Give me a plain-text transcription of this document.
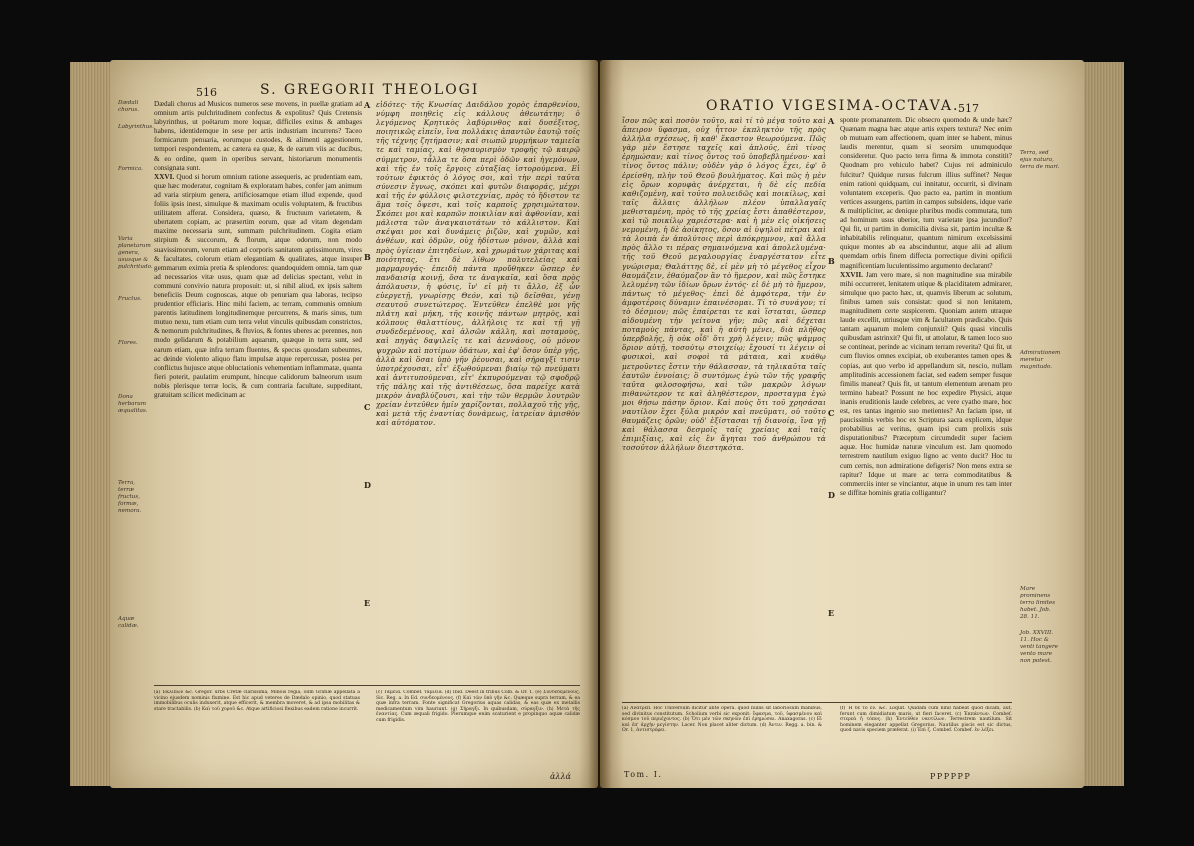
516	S. GREGORII THEOLOGI
Dædali chorus.
Labyrinthus.
Formica.
Varia planetarum genera, ususque & pulchritudo.
Fructus.
Flores.
Dona herbarum æqualitas.
Terra, terræ fructus, formæ, nemora.
Aquæ calidæ.

Dædali chorus ad Musicos numeros sese movens, in puellæ gratiam ad omnium artis pulchritudinem confectus & expolitus? Quis Cretensis labyrinthus, ut poëtarum more loquar, difficiles exitus & ambages habens, identidemque in sese per artis industriam incurrens? Taceo formicarum penuaria, eorumque custodes, & alimenti aggestionem, tempori respondentem, ac cætera ea quæ, & de earum viis ac ducibus, & eo ordine, quem in operibus servant, historiarum monumentis consignata sunt.

XXVI. Quod si horum omnium ratione assequeris, ac prudentiam eam, quæ hæc moderatur, cognitam & exploratam habes, confer jam animum ad varia stirpium genera, artificiosamque etiam illud expende, quod foliis ipsis inest, simulque & maximam oculis voluptatem, & fructibus utilitatem afferat. Considera, quæso, & fructuum varietatem, & ubertatem copiam, ac præsertim eorum, quæ ad vitam degendam maxime necessaria sunt, summam pulchritudinem. Cogita etiam stirpium & succorum, & florum, atque odorum, non modo suavissimorum, verum etiam ad corporis sanitatem aptissimorum, vires & facultates, colorum etiam elegantiam & qualitates, atque insuper gemmarum eximia pretia & splendores: quandoquidem omnia, tam quæ ad necessarios vitæ usus, quam quæ ad delicias spectant, velut in communi convivio natura proposuit: ut, si nihil aliud, ex ipsis saltem beneficiis Deum cognoscas, atque ob penuriam qua laboras, tecipso prudentior efficiaris. Hinc mihi faciem, ac terram, communis omnium parentis latitudinem longitudinemque percurrens, & maris sinus, tum mutuo nexu, tum etiam cum terra velut vinculis quibusdam constrictos, & nemorum pulchritudines, & fluvios, & fontes uberes ac perennes, non modo gelidarum & potabilium aquarum, quæque in terra sunt, sed earum etiam, quæ infra terram fluentes, & specus quosdam subeuntes, ac deinde violento aliquo flatu impulsæ atque repercussæ, postea per conflictus hujusce atque obluctationis vehementiam inflammatæ, quanta fieri poterit, paulatim erumpunt, hincque calidorum balneorum usum nobis plerisque terræ locis, & cum contraria facultate, suppeditant, gratuitam scilicet medicinam ac

A
B
C
D
E
εἰδότες· τῆς Κνωσίας Δαιδάλου χορὸς ἐπαρθενίου, νύμφη ποιηθεὶς εἰς κάλλους ἀθεωτάτην; ὁ λεγόμενος Κρητικὸς λαβύρινθος καὶ δυσέξιτος, ποιητικῶς εἰπεῖν, ἵνα πολλάκις ἀπαντῶν ἑαυτῷ τοῖς τῆς τέχνης ζητήμασιν; καὶ σιωπῶ μυρμήκων ταμιεῖα τε καὶ ταμίας, καὶ θησαυρισμὸν τροφῆς τῷ καιρῷ σύμμετρον, τἆλλα τε ὅσα περὶ ὁδῶν καὶ ἡγεμόνων, καὶ τῆς ἐν τοῖς ἔργοις εὐταξίας ἱστορούμενα. Εἰ τούτων ἐφικτὸς ὁ λόγος σοι, καὶ τὴν περὶ ταῦτα σύνεσιν ἔγνως, σκόπει καὶ φυτῶν διαφοράς, μέχρι καὶ τῆς ἐν φύλλοις φιλοτεχνίας, πρὸς τὸ ἥδιστον τε ἅμα τοῖς ὄψεσι, καὶ τοῖς καρποῖς χρησιμώτατον. Σκόπει μοι καὶ καρπῶν ποικιλίαν καὶ ἀφθονίαν, καὶ μάλιστα τῶν ἀναγκαιοτάτων τὸ κάλλιστον. Καὶ σκέψαι μοι καὶ δυνάμεις ῥιζῶν, καὶ χυμῶν, καὶ ἀνθέων, καὶ ὀδμῶν, οὐχ ἡδίστων μόνον, ἀλλὰ καὶ πρὸς ὑγίειαν ἐπιτηδείων, καὶ χρωμάτων χάριτας καὶ ποιότητας, ἔτι δὲ λίθων πολυτελείας καὶ μαρμαρυγάς· ἐπειδὴ πάντα προὔθηκεν ὥσπερ ἐν πανδαισίᾳ κοινῇ, ὅσα τε ἀναγκαῖα, καὶ ὅσα πρὸς ἀπόλαυσιν, ἡ φύσις, ἵν' εἰ μὴ τι ἄλλο, ἐξ ὧν εὐεργετῇ, γνωρίσῃς Θεόν, καὶ τῷ δεῖσθαι, γένῃ σεαυτοῦ συνετώτερος. Ἐντεῦθεν ἐπελθὲ μοι γῆς πλάτη καὶ μήκη, τῆς κοινῆς πάντων μητρὸς, καὶ κόλπους θαλαττίους, ἀλλήλοις τε καὶ τῇ γῇ συνδεδεμένους, καὶ ἀλσῶν κάλλη, καὶ ποταμοὺς, καὶ πηγὰς δαψιλεῖς τε καὶ ἀεννάους, οὐ μόνον ψυχρῶν καὶ ποτίμων ὑδάτων, καὶ ἐφ' ὅσον ὑπὲρ γῆς, ἀλλὰ καὶ ὅσαι ὑπὸ γῆν ῥέουσαι, καὶ σήραγξί τισιν ὑποτρέχουσαι, εἶτ' ἐξωθούμεναι βιαίῳ τῷ πνεύματι καὶ ἀντιτυπούμεναι, εἶτ' ἐκπυρούμεναι τῷ σφοδρῷ τῆς πάλης καὶ τῆς ἀντιθέσεως, ὅσα παρεῖχε κατὰ μικρὸν ἀναβλύζουσι, καὶ τὴν τῶν θερμῶν λουτρῶν χρείαν ἐντεῦθεν ἡμῖν χαρίζονται, πολλαχοῦ τῆς γῆς, καὶ μετὰ τῆς ἐναντίας δυνάμεως, ἰατρείαν ἀμισθὸν καὶ αὐτόματον.
(a) Ἐκλιπὼν &c. Gregor. urbs Cretæ clarissima, Minois regia, olim Gratiæ appellata a vicino ejusdem nominis flumine. Est hic apud veteres de Dædalo opinio, quod statuas immobilibus oculis induxerit, atque efficerit, & membra moveret, & ad ipsa mobilitas & stare tractabilis. (b) Καὶ τοῦ χοροῦ &c. Atque artificiosi flexibus eadem ratione incurrit.
(c) Ταμεῖα. Combef. ταμιεῖα. (d) Ibid. Deest in tribus Colb. & Or. 1. (e) Συνδεδεμένους. Sic. Reg. a. In Ed. συνδεομένους. (f) Καὶ τῶν ὑπὸ γῆν &c. Quæque supra terram, & ea quæ infra terram. Fonte significat Gregorius aquas calidas, & eas quæ ex metallis medicamentum vim hauriunt. (g) Σήραγξι. In quibusdam, σύραγξιν. (h) Μετὰ τῆς ἐναντίας. Cum æquali frigido. Plerumque enim scaturient e propinquo aquæ calidæ cum frigidis.
ἀλλά
ORATIO VIGESIMA-OCTAVA.
517
ἴσον πῶς καὶ ποσὸν τοῦτο, καὶ τί τὸ μέγα τοῦτο καὶ ἄπειρον ὕφασμα, οὐχ ἧττον ἐκπληκτὸν τῆς πρὸς ἀλλήλα σχέσεως, ἢ καθ' ἕκαστον θεωρούμενα. Πῶς γὰρ μὲν ἔστησε ταχεῖς καὶ ἀπλοῦς, ἐπὶ τίνος ἐρημώσαν; καὶ τίνος ὄντος τοῦ ὑποβεβλημένου· καὶ τίνος ὄντος πάλιν; οὐδὲν γὰρ ὁ λόγος ἔχει, ἐφ' ὃ ἐρείσθη, πλὴν τοῦ Θεοῦ βουλήματος. Καὶ πῶς ἡ μὲν εἰς ὄρων κορυφὰς ἀνέρχεται, ἡ δὲ εἰς πεδία καθιζομένη, καὶ τοῦτο πολυειδῶς καὶ ποικίλως, καὶ ταῖς ἄλλαις ἀλλήλων πλέον ὑπαλλαγαῖς μεθισταμένη, πρὸς τὸ τῆς χρείας ἔστι ἀπαθέστερον, καὶ τῷ ποικίλῳ χαριέστερα· καὶ ἡ μὲν εἰς οἰκήσεις νεμομένη, ἡ δὲ ἀοίκητος, ὅσον αἱ ὑψηλοὶ πέτραι καὶ τὰ λοιπὰ ἐν ἀπολύτοις περὶ ἀπόκρημνον, καὶ ἄλλα πρὸς ἄλλο τι πέρας σημαινόμενα καὶ ἀπολελυμένα· τῆς τοῦ Θεοῦ μεγαλουργίας ἐναργέστατον εἶτε γνώρισμα; Θαλάττης δὲ, εἰ μὲν μὴ τὸ μέγεθος εἶχον θαυμάζειν, ἐθαύμαζον ἂν τὸ ἥμερον, καὶ πῶς ἔστηκε λελυμένη τῶν ἰδίων ὅρων ἐντός· εἰ δὲ μὴ τὸ ἥμερον, πάντως τὸ μέγεθος· ἐπεὶ δὲ ἀμφότερα, τὴν ἐν ἀμφοτέροις δύναμιν ἐπαινέσομαι. Τί τὸ συνάγον; τί τὸ δέσμιον; πῶς ἐπαίρεται τε καὶ ἵσταται, ὥσπερ αἰδουμένη τὴν γείτονα γῆν; πῶς καὶ δέχεται ποταμοὺς πάντας, καὶ ἡ αὐτὴ μένει, διὰ πλῆθος ὑπερβολῆς, ἢ οὐκ οἶδ' ὅτι χρὴ λέγειν; πῶς ψάμμος ὅριον αὐτῇ, τοσούτῳ στοιχείῳ; ἔχουσί τι λέγειν οἱ φυσικοὶ, καὶ σοφοὶ τὰ μάταια, καὶ κυάθῳ μετροῦντες ἔστιν τὴν θάλασσαν, τὰ τηλικαῦτα ταῖς ἑαυτῶν ἐννοίαις; ὃ συντόμως ἐγὼ τῶν τῆς γραφῆς ταῦτα φιλοσοφήσω, καὶ τῶν μακρῶν λόγων πιθανώτερον τε καὶ ἀληθέστερον, προσταγμα ἐγώ μοι θήσω πάσην ὅριον. Καὶ ποὺς ὅτι τοῦ χρησάσαι ναυτίλον ἔχει ξύλα μικρὸν καὶ πνεῦματι, οὐ τοῦτο θαυμάζεις ὁρῶν; οὐδ' ἐξίστασαι τῇ διανοίᾳ, ἵνα γῇ καὶ θάλασσα δεσμοῖς ταῖς χρείαις καὶ ταῖς ἐπιμιξίαις, καὶ εἰς ἓν ἄγηται τοῦ ἀνθρώπου τὰ τοσοῦτον ἀλλήλων διεστηκότα.
A
B
C
D
E

sponte promanantem. Dic obsecro quomodo & unde hæc? Quænam magna hæc atque artis expers textura? Nec enim ob mutuam eam affectionem, quam inter se habent, minus laudis merentur, quam si seorsim unumquodque consideretur. Quo pacto terra firma & immota constitit? Quodnam pro vehiculo habet? Cujus rei adminiculo fulcitur? Quidque rursus fulcrum illius suffinet? Neque enim rationi quidquam, cui innitatur, occurrit, si divinam voluntatem exceperis. Quo pacto ea, partim in montium vertices assurgens, partim in campos subsidens, idque varie & multipliciter, ac denique pluribus modis commutata, tum ad hominum usus uberior, tum varietate ipsa jucundior? Qui fit, ut partim in domicilia divisa sit, partim incultæ & inhabitabilis relinquatur, quantum nimirum excelsissimi quique montes ab ea abscinduntur, atque alii ad alium quemdam orbis finem diffecta porrectique divini opificii magnificentiam luculentissimo argumento declarant?

XXVII. Jam vero mare, si non magnitudine sua mirabile mihi occurreret, lenitatem utique & placiditatem admirarer, simulque quo pacto hæc, ut, quamvis liberum ac solutum, finibus tamen suis consistat: quod si non lenitatem, magnitudinem certe suspicerem. Quoniam autem utraque laude excellit, utriusque vim & facultatem prædicabo. Quis tantam aquarum molem conjunxit? Quis quasi vinculis quibusdam astrinxit? Qui fit, ut attolatur, & tamen loco suo se contineat, perinde ac vicinam terram reverita? Qui fit, ut cum fluvios omnes excipiat, ob exuberantes tamen opes & copias, aut quo verbo id appellandum sit, nescio, nullam amplitudinis accessionem faciat, sed eadem semper fusque fimilis maneat? Quis fit, ut tantum elementum arenam pro termino habeat? Possunt ne hoc expedire Physici, atque inanis eruditionis laude celebres, ac vere cyatho mare, hoc est, res tantas ingenio suo metientes? An faciam ipse, ut paucissimis verbis hoc ex Scriptura sacra explicem, idque probabilius ac veritus, quam ipsi cum prolixis suis disputationibus? Præceptum circumdedit super faciem aquæ. Hoc humidæ naturæ vinculum est. Jam quomodo terrestrem nautilum exiguo ligno ac vento ducit? Hoc tu cum cernis, non admiratione defigeris? Non mens extra se rapitur? Idque ut mare ac terra commoditatibus & commerciis inter se vinciantur, atque in unum res tam inter se diffitæ hominis gratia colligantur?

Terra, sed ejus natura, terra de mari.
Admirationem meretur magnitudo.
Mare prominens terra limites habet. Job. 28. 11.
Job. XXVIII. 11. Hoc & venti tangere vento mare non potest.
(a) Ἀνατρεπ. Hoc Universum dicitur ante opera. quod nullis sit laboriosum manibus, sed divinitus constitutum. Scholium verbi sic exponit: ὕφασμα, τοῦ, ὑφασμένου καὶ κόσμου τοῦ περιέχοντος. (b) Ὅτι μὲν τῶν σκηνῶν ἐπὶ ἐρημώσαι. Anaxagoras. (c) Εἰ καὶ ἐπ' ἀρχὴν μεγίστην. Lacer. Non placet aliter dictum. (d) Ἀντιν. Regg. a. bin. & Or. 1, ἀντιστρέφει.
(f) Ἦ δὲ τὸ ἔν. &c. Loquit. Quidam cum nihil habeat quod dicam, aut, ferunt cum dimidiatum maris, ut fieri faceret. (c) Ἐκπάντων. Combef. στερεὰ ἡ τόπος. (h) Ἐντεῦθεν ναυτίλων. Terrestrem nautilum. Sit hominem eleganter appellat Gregorius. Nautilus piscis est sic dictus, quod navis speciem præferat. (i) Ἐπὶ ζ. Combef. Combef. ἐν λέξει.
Tom. I.	PPPPPP
